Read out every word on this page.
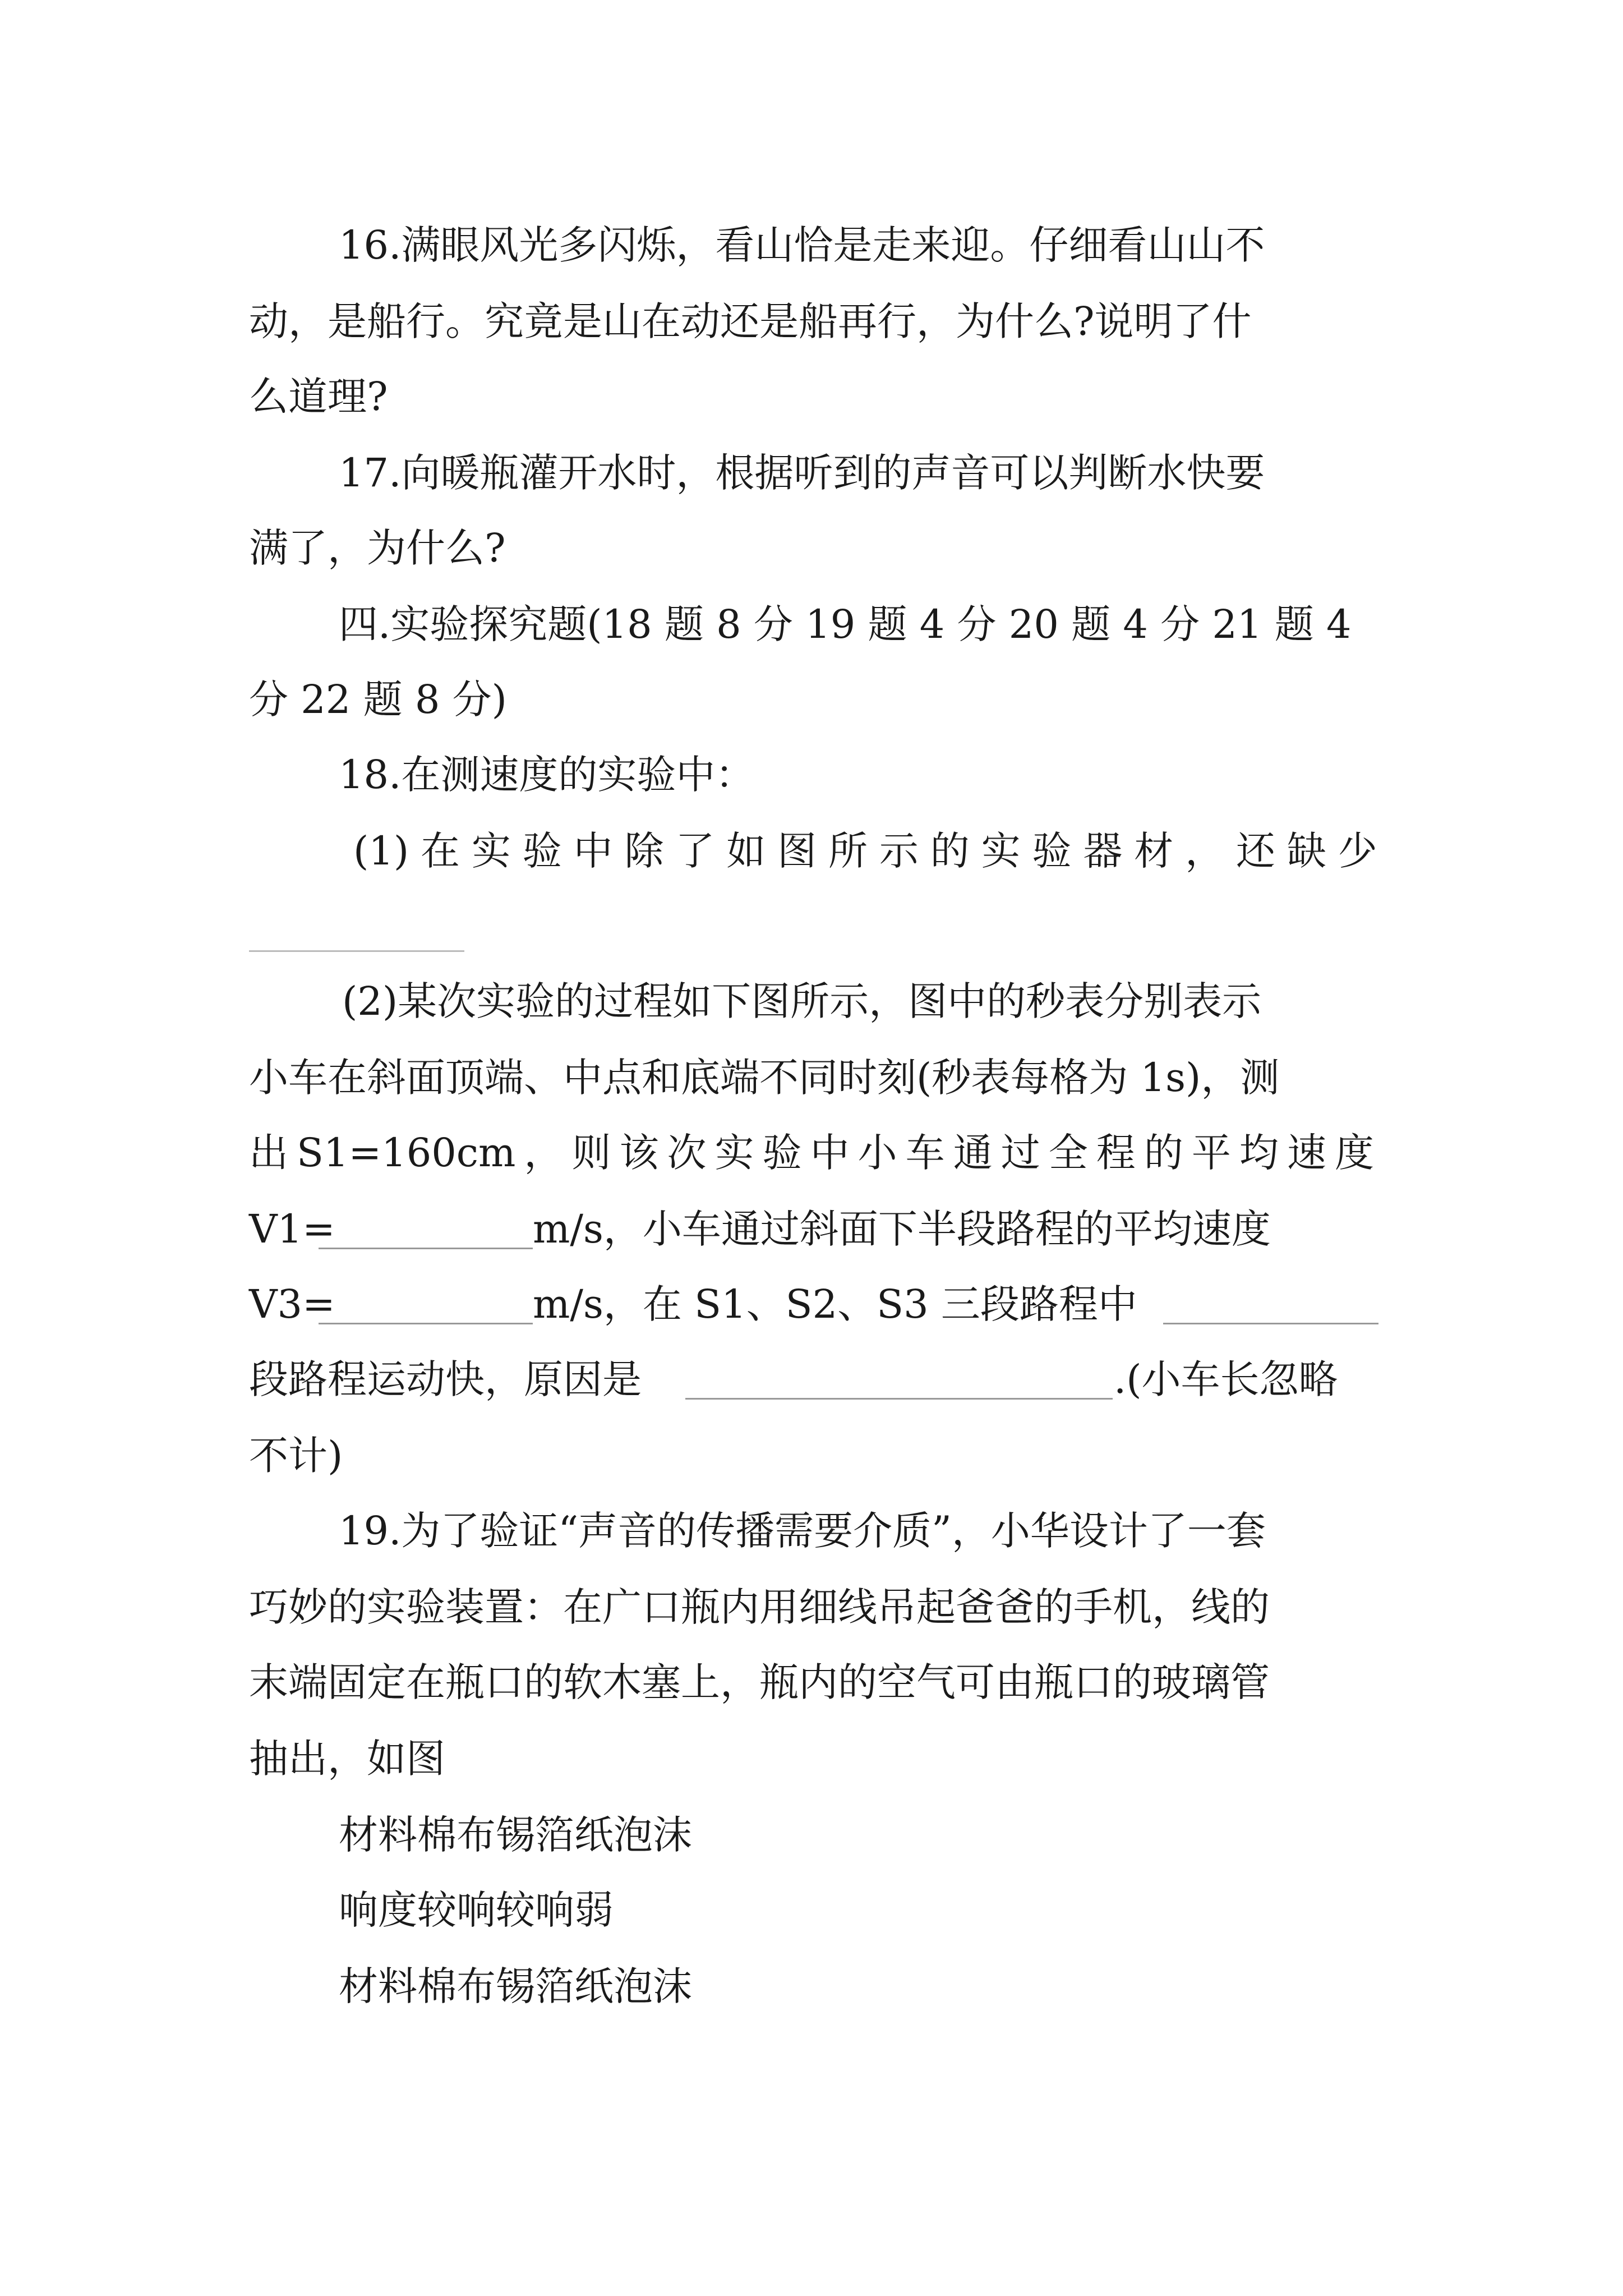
16.满眼风光多闪烁，看山恰是走来迎。仔细看山山不
动，是船行。究竟是山在动还是船再行，为什么?说明了什
么道理?
17.向暖瓶灌开水时，根据听到的声音可以判断水快要
满了，为什么?
四.实验探究题(18 题 8 分 19 题 4 分 20 题 4 分 21 题 4
分 22 题 8 分)
18.在测速度的实验中：
(1) 在 实 验 中 除 了 如 图 所 示 的 实 验 器 材 ， 还 缺 少
(2)某次实验的过程如下图所示，图中的秒表分别表示
小车在斜面顶端、中点和底端不同时刻(秒表每格为 1s)，测
出 S1=160cm ， 则 该 次 实 验 中 小 车 通 过 全 程 的 平 均 速 度
V1=	m/s，小车通过斜面下半段路程的平均速度
V3=	m/s，在 S1、S2、S3 三段路程中
段路程运动快，原因是	.(小车长忽略
不计)
19.为了验证“声音的传播需要介质”，小华设计了一套
巧妙的实验装置：在广口瓶内用细线吊起爸爸的手机，线的
末端固定在瓶口的软木塞上，瓶内的空气可由瓶口的玻璃管
抽出，如图
材料棉布锡箔纸泡沫
响度较响较响弱
材料棉布锡箔纸泡沫
